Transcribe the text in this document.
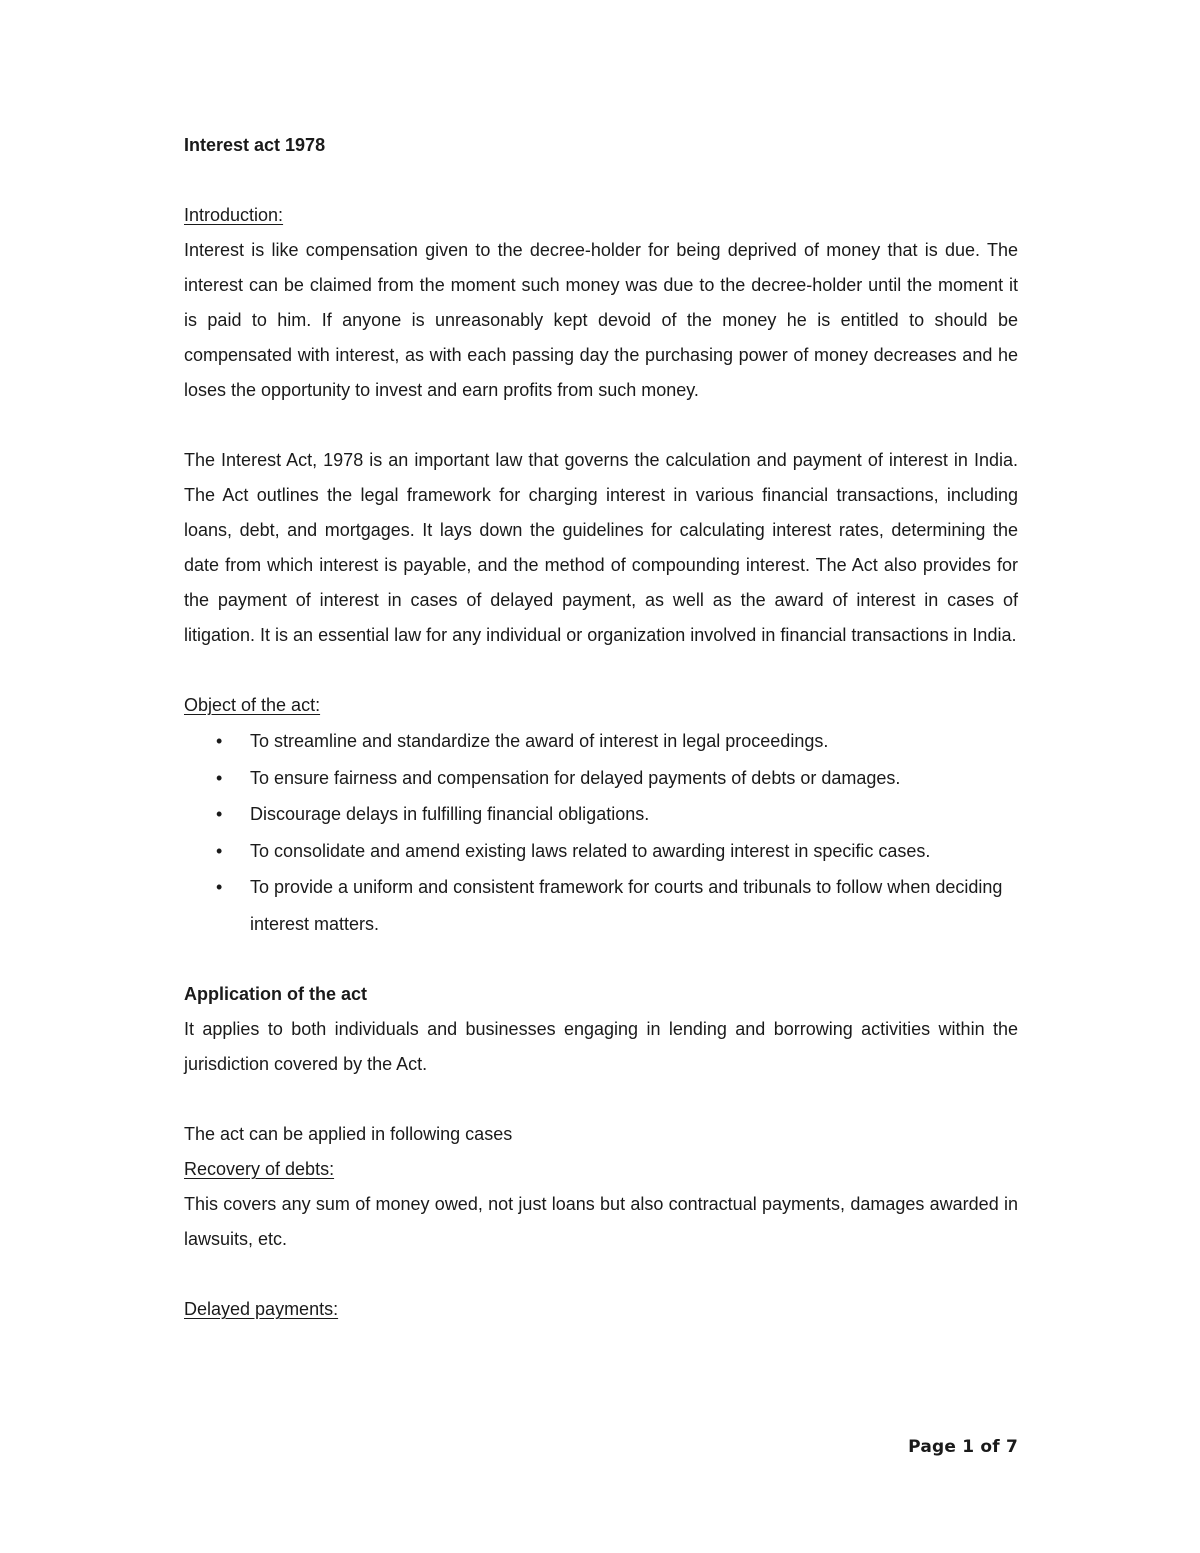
Interest act 1978

Introduction:

Interest is like compensation given to the decree-holder for being deprived of money that is due. The interest can be claimed from the moment such money was due to the decree-holder until the moment it is paid to him. If anyone is unreasonably kept devoid of the money he is entitled to should be compensated with interest, as with each passing day the purchasing power of money decreases and he loses the opportunity to invest and earn profits from such money.

The Interest Act, 1978 is an important law that governs the calculation and payment of interest in India. The Act outlines the legal framework for charging interest in various financial transactions, including loans, debt, and mortgages. It lays down the guidelines for calculating interest rates, determining the date from which interest is payable, and the method of compounding interest. The Act also provides for the payment of interest in cases of delayed payment, as well as the award of interest in cases of litigation. It is an essential law for any individual or organization involved in financial transactions in India.

Object of the act:

• To streamline and standardize the award of interest in legal proceedings.
• To ensure fairness and compensation for delayed payments of debts or damages.
• Discourage delays in fulfilling financial obligations.
• To consolidate and amend existing laws related to awarding interest in specific cases.
• To provide a uniform and consistent framework for courts and tribunals to follow when deciding interest matters.

Application of the act

It applies to both individuals and businesses engaging in lending and borrowing activities within the jurisdiction covered by the Act.

The act can be applied in following cases

Recovery of debts:

This covers any sum of money owed, not just loans but also contractual payments, damages awarded in lawsuits, etc.

Delayed payments:

Page 1 of 7
